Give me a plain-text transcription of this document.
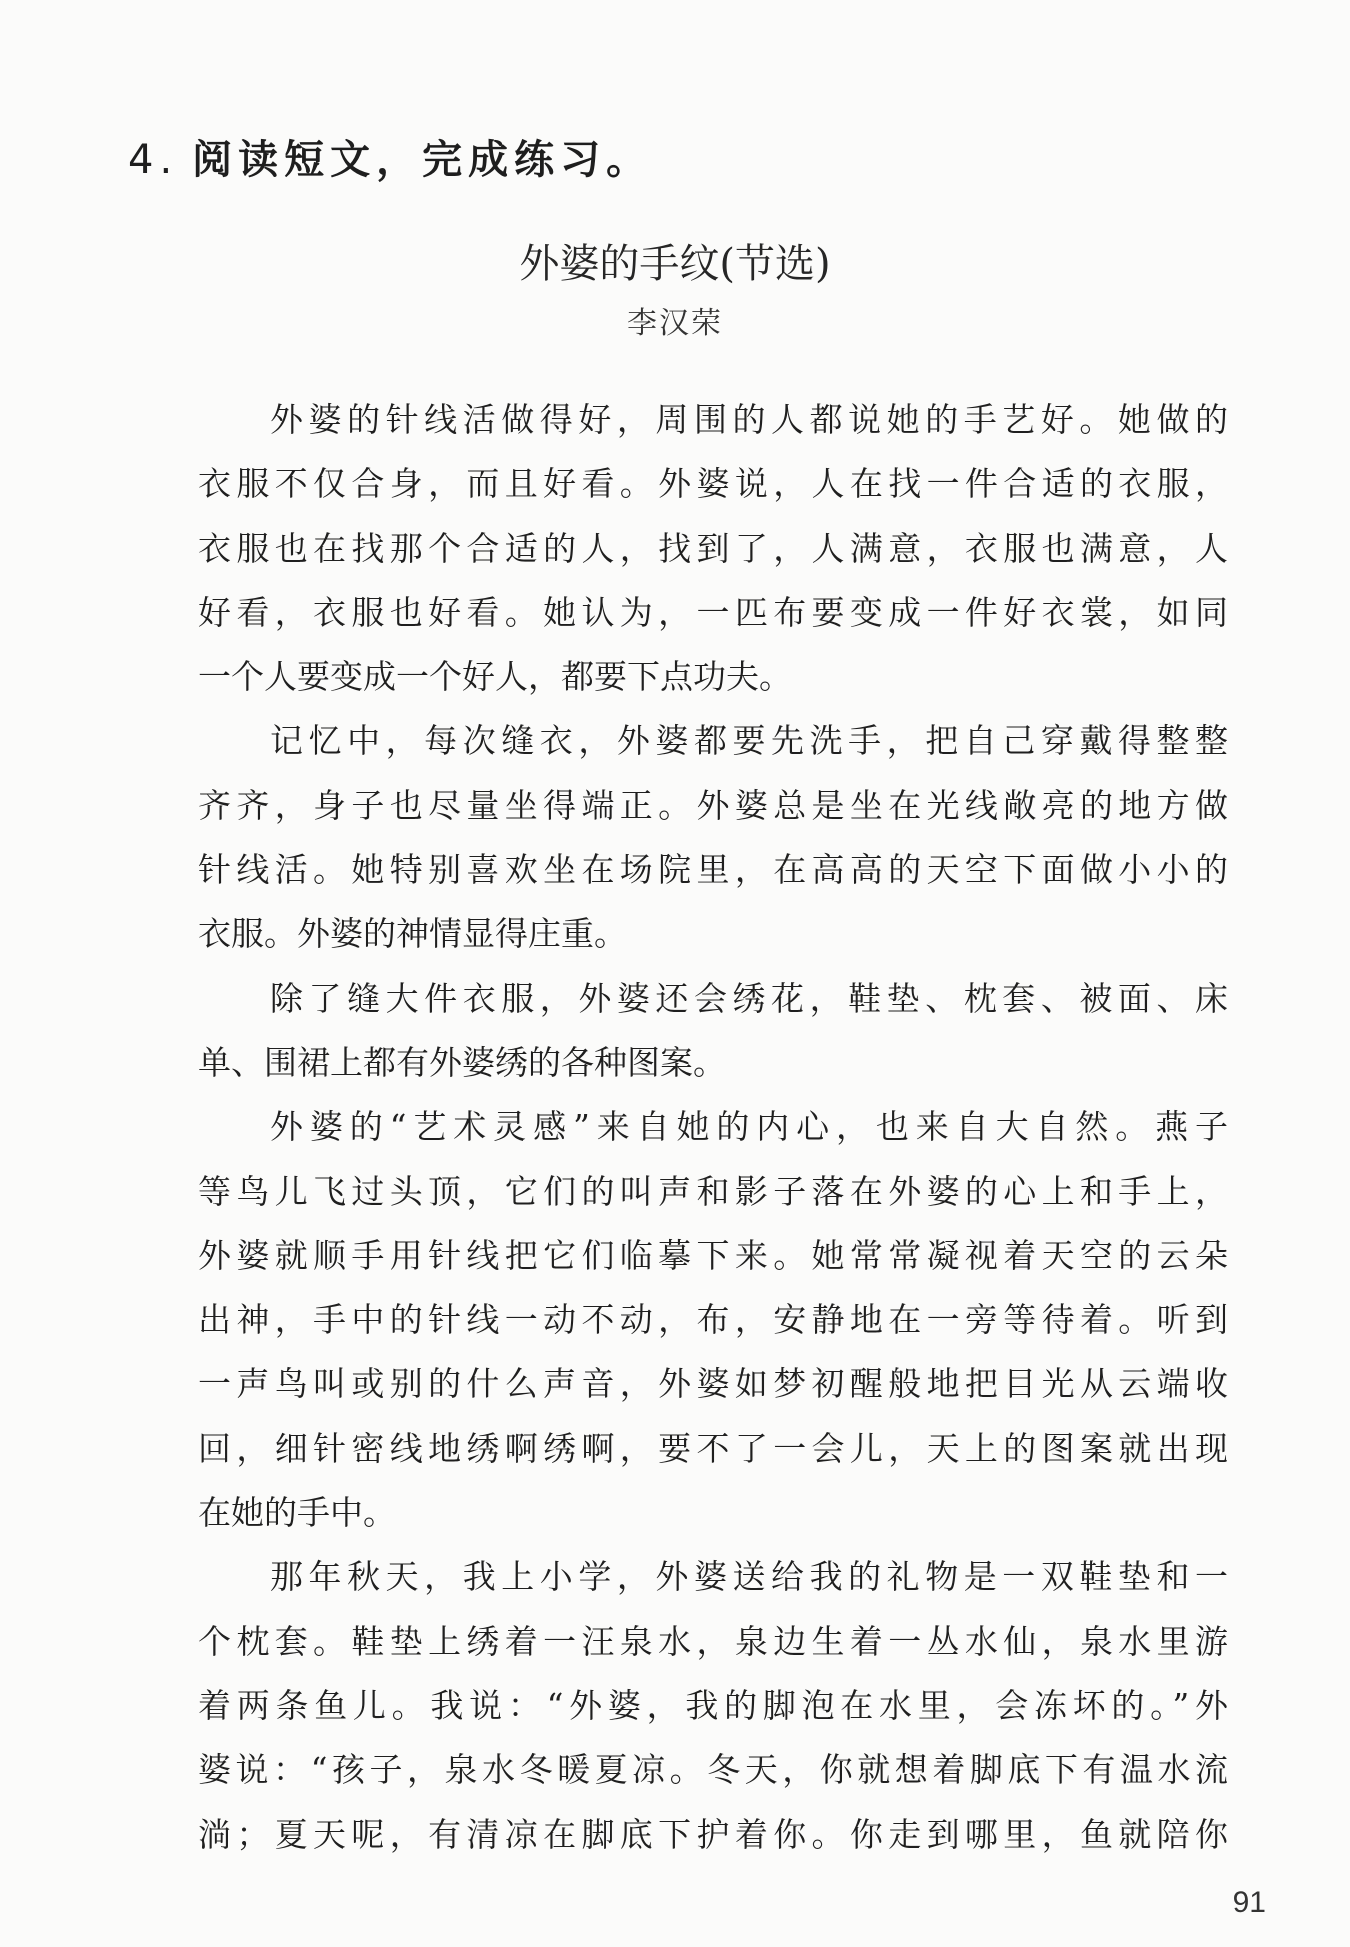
4. 阅读短文，完成练习。
外婆的手纹(节选)
李汉荣
外婆的针线活做得好，周围的人都说她的手艺好。她做的
衣服不仅合身，而且好看。外婆说，人在找一件合适的衣服，
衣服也在找那个合适的人，找到了，人满意，衣服也满意，人
好看，衣服也好看。她认为，一匹布要变成一件好衣裳，如同
一个人要变成一个好人，都要下点功夫。
记忆中，每次缝衣，外婆都要先洗手，把自己穿戴得整整
齐齐，身子也尽量坐得端正。外婆总是坐在光线敞亮的地方做
针线活。她特别喜欢坐在场院里，在高高的天空下面做小小的
衣服。外婆的神情显得庄重。
除了缝大件衣服，外婆还会绣花，鞋垫、枕套、被面、床
单、围裙上都有外婆绣的各种图案。
外婆的“艺术灵感”来自她的内心，也来自大自然。燕子
等鸟儿飞过头顶，它们的叫声和影子落在外婆的心上和手上，
外婆就顺手用针线把它们临摹下来。她常常凝视着天空的云朵
出神，手中的针线一动不动，布，安静地在一旁等待着。听到
一声鸟叫或别的什么声音，外婆如梦初醒般地把目光从云端收
回，细针密线地绣啊绣啊，要不了一会儿，天上的图案就出现
在她的手中。
那年秋天，我上小学，外婆送给我的礼物是一双鞋垫和一
个枕套。鞋垫上绣着一汪泉水，泉边生着一丛水仙，泉水里游
着两条鱼儿。我说：“外婆，我的脚泡在水里，会冻坏的。”外
婆说：“孩子，泉水冬暖夏凉。冬天，你就想着脚底下有温水流
淌；夏天呢，有清凉在脚底下护着你。你走到哪里，鱼就陪你
91
